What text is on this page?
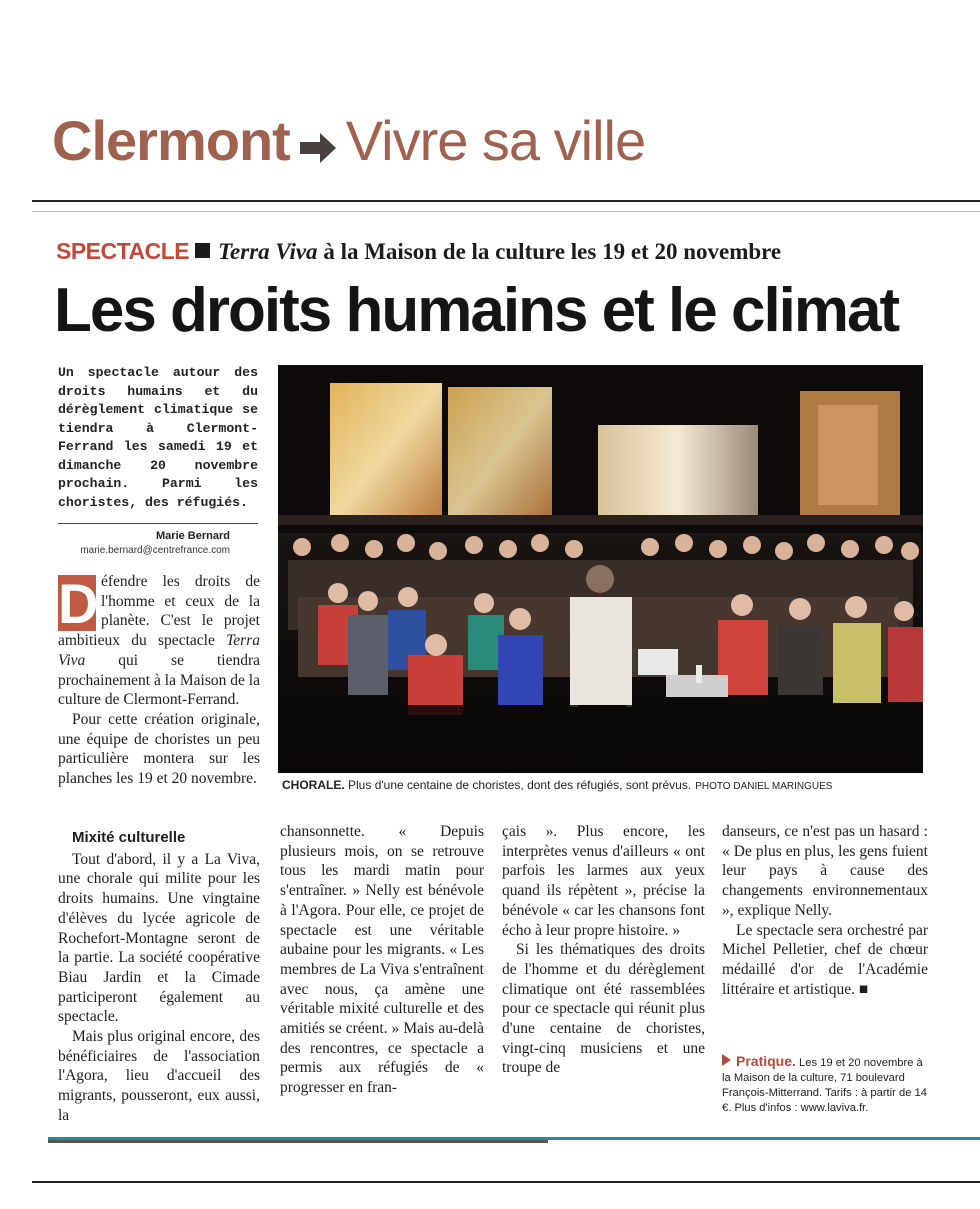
Clermont Vivre sa ville
SPECTACLE Terra Viva à la Maison de la culture les 19 et 20 novembre
Les droits humains et le climat
Un spectacle autour des droits humains et du dérèglement climatique se tiendra à Clermont-Ferrand les samedi 19 et dimanche 20 novembre prochain. Parmi les choristes, des réfugiés.
Marie Bernard
marie.bernard@centrefrance.com
CHORALE. Plus d'une centaine de choristes, dont des réfugiés, sont prévus. PHOTO DANIEL MARINGUES

D éfendre les droits de l'homme et ceux de la planète. C'est le projet ambitieux du spectacle Terra Viva qui se tiendra prochainement à la Maison de la culture de Clermont-Ferrand.

Pour cette création originale, une équipe de choristes un peu particulière montera sur les planches les 19 et 20 novembre.

Mixité culturelle

Tout d'abord, il y a La Viva, une chorale qui milite pour les droits humains. Une vingtaine d'élèves du lycée agricole de Rochefort-Montagne seront de la partie. La société coopérative Biau Jardin et la Cimade participeront également au spectacle.

Mais plus original encore, des bénéficiaires de l'association l'Agora, lieu d'accueil des migrants, pousseront, eux aussi, la

chansonnette. « Depuis plusieurs mois, on se retrouve tous les mardi matin pour s'entraîner. » Nelly est bénévole à l'Agora. Pour elle, ce projet de spectacle est une véritable aubaine pour les migrants. « Les membres de La Viva s'entraînent avec nous, ça amène une véritable mixité culturelle et des amitiés se créent. » Mais au-delà des rencontres, ce spectacle a permis aux réfugiés de « progresser en fran-

çais ». Plus encore, les interprètes venus d'ailleurs « ont parfois les larmes aux yeux quand ils répètent », précise la bénévole « car les chansons font écho à leur propre histoire. »

Si les thématiques des droits de l'homme et du dérèglement climatique ont été rassemblées pour ce spectacle qui réunit plus d'une centaine de choristes, vingt-cinq musiciens et une troupe de

danseurs, ce n'est pas un hasard : « De plus en plus, les gens fuient leur pays à cause des changements environnementaux », explique Nelly.

Le spectacle sera orchestré par Michel Pelletier, chef de chœur médaillé d'or de l'Académie littéraire et artistique. ■

Pratique. Les 19 et 20 novembre à la Maison de la culture, 71 boulevard François-Mitterrand. Tarifs : à partir de 14 €. Plus d'infos : www.laviva.fr.
